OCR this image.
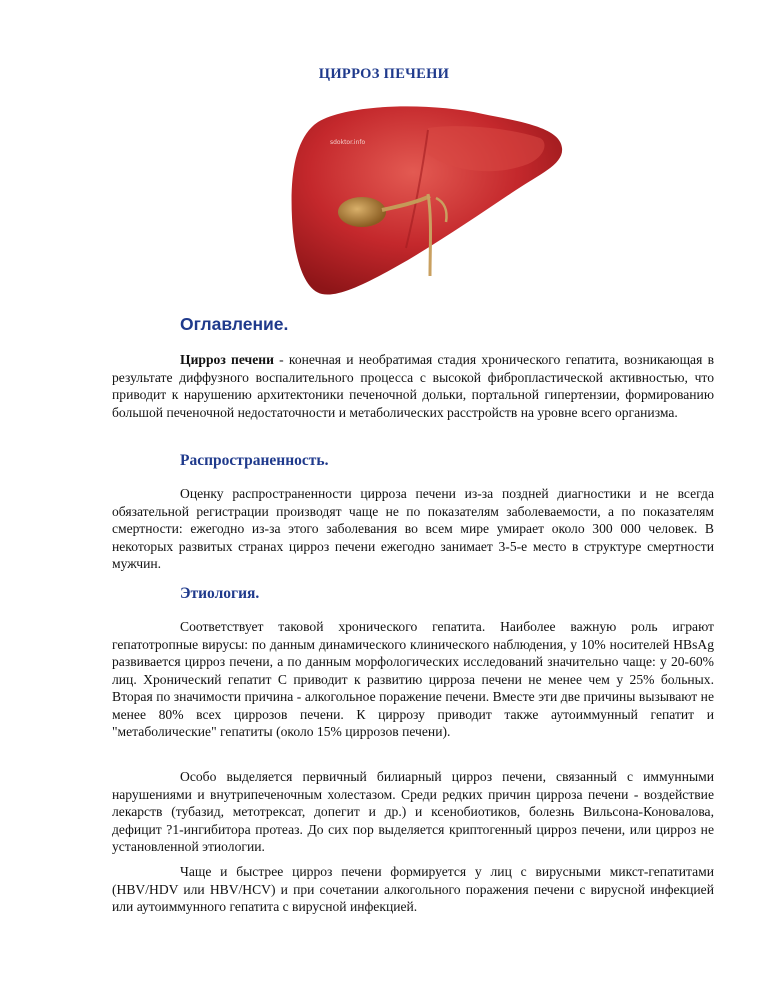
ЦИРРОЗ ПЕЧЕНИ
sdoktor.info
Оглавление.

Цирроз печени - конечная и необратимая стадия хронического гепатита, возникающая в результате диффузного воспалительного процесса с высокой фибропластической активностью, что приводит к нарушению архитектоники печеночной дольки, портальной гипертензии, формированию большой печеночной недостаточности и метаболических расстройств на уровне всего организма.

Распространенность.

Оценку распространенности цирроза печени из-за поздней диагностики и не всегда обязательной регистрации производят чаще не по показателям заболеваемости, а по показателям смертности: ежегодно из-за этого заболевания во всем мире умирает около 300 000 человек. В некоторых развитых странах цирроз печени ежегодно занимает 3-5-е место в структуре смертности мужчин.

Этиология.

Соответствует таковой хронического гепатита. Наиболее важную роль играют гепатотропные вирусы: по данным динамического клинического наблюдения, у 10% носителей HBsAg развивается цирроз печени, а по данным морфологических исследований значительно чаще: у 20-60% лиц. Хронический гепатит С приводит к развитию цирроза печени не менее чем у 25% больных. Вторая по значимости причина - алкогольное поражение печени. Вместе эти две причины вызывают не менее 80% всех циррозов печени. К циррозу приводит также аутоиммунный гепатит и "метаболические" гепатиты (около 15% циррозов печени).

Особо выделяется первичный билиарный цирроз печени, связанный с иммунными нарушениями и внутрипеченочным холестазом. Среди редких причин цирроза печени - воздействие лекарств (тубазид, метотрексат, допегит и др.) и ксенобиотиков, болезнь Вильсона-Коновалова, дефицит ?1-ингибитора протеаз. До сих пор выделяется криптогенный цирроз печени, или цирроз не установленной этиологии.

Чаще и быстрее цирроз печени формируется у лиц с вирусными микст-гепатитами (HBV/HDV или HBV/HCV) и при сочетании алкогольного поражения печени с вирусной инфекцией или аутоиммунного гепатита с вирусной инфекцией.
